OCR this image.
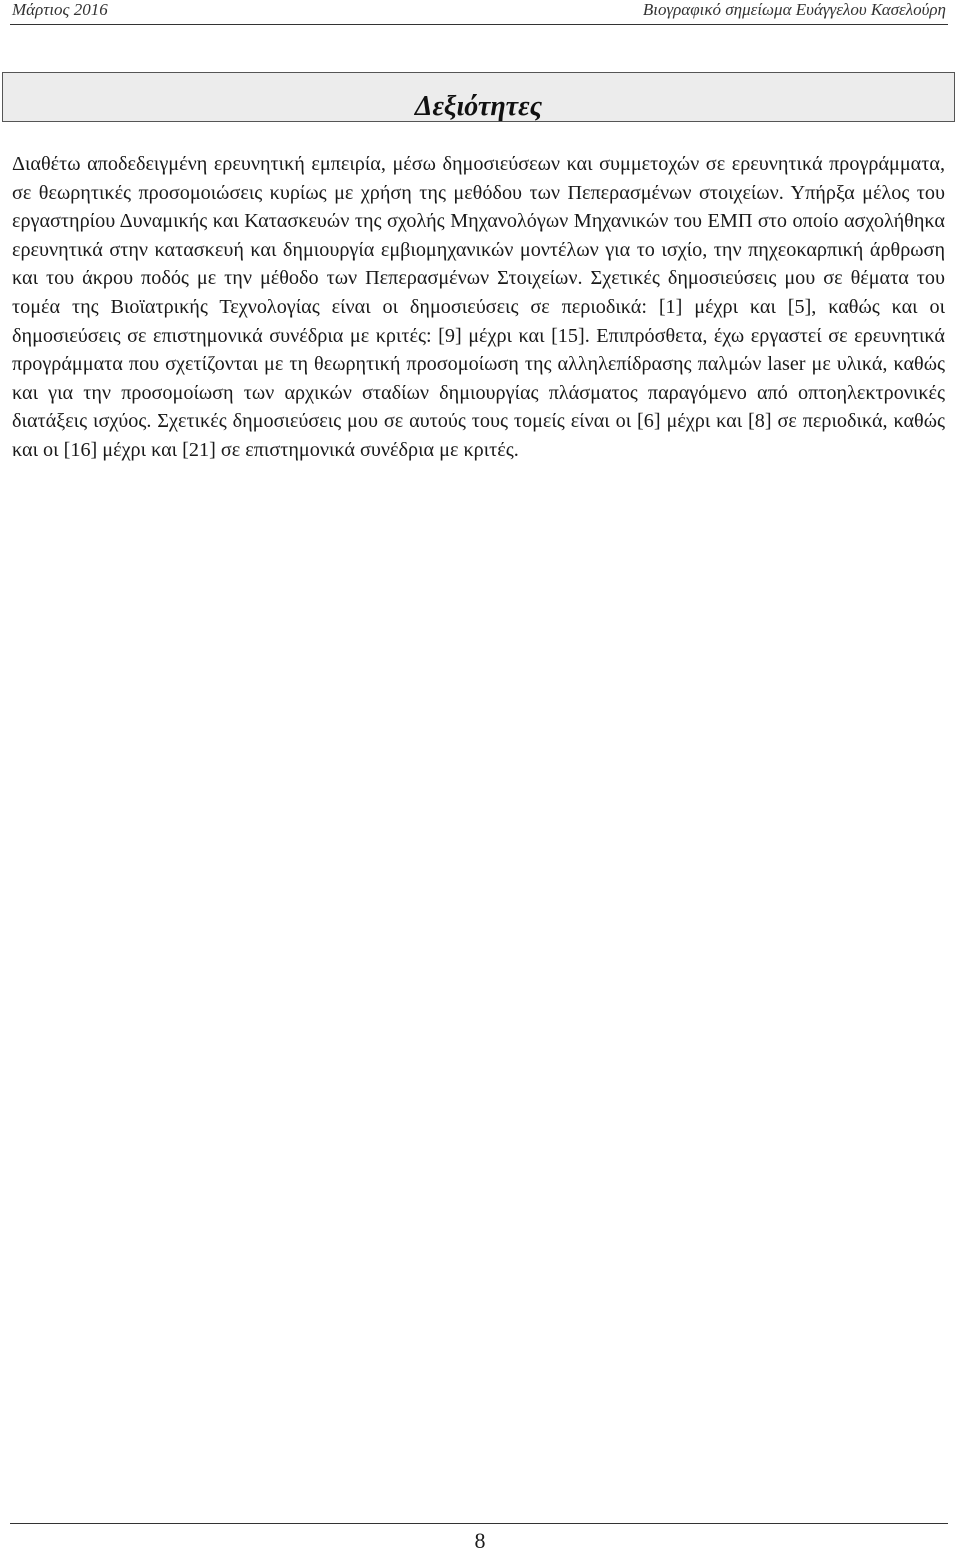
Μάρτιος 2016	Βιογραφικό σημείωμα Ευάγγελου Κασελούρη
Δεξιότητες

Διαθέτω αποδεδειγμένη ερευνητική εμπειρία, μέσω δημοσιεύσεων και συμμετοχών σε ερευνητικά προγράμματα, σε θεωρητικές προσομοιώσεις κυρίως με χρήση της μεθόδου των Πεπερασμένων στοιχείων. Υπήρξα μέλος του εργαστηρίου Δυναμικής και Κατασκευών της σχολής Μηχανολόγων Μηχανικών του ΕΜΠ στο οποίο ασχολήθηκα ερευνητικά στην κατασκευή και δημιουργία εμβιομηχανικών μοντέλων για το ισχίο, την πηχεοκαρπική άρθρωση και του άκρου ποδός με την μέθοδο των Πεπερασμένων Στοιχείων. Σχετικές δημοσιεύσεις μου σε θέματα του τομέα της Βιοϊατρικής Τεχνολογίας είναι οι δημοσιεύσεις σε περιοδικά: [1] μέχρι και [5], καθώς και οι δημοσιεύσεις σε επιστημονικά συνέδρια με κριτές: [9] μέχρι και [15]. Επιπρόσθετα, έχω εργαστεί σε ερευνητικά προγράμματα που σχετίζονται με τη θεωρητική προσομοίωση της αλληλεπίδρασης παλμών laser με υλικά, καθώς και για την προσομοίωση των αρχικών σταδίων δημιουργίας πλάσματος παραγόμενο από οπτοηλεκτρονικές διατάξεις ισχύος. Σχετικές δημοσιεύσεις μου σε αυτούς τους τομείς είναι οι [6] μέχρι και [8] σε περιοδικά, καθώς και οι [16] μέχρι και [21] σε επιστημονικά συνέδρια με κριτές.

8
